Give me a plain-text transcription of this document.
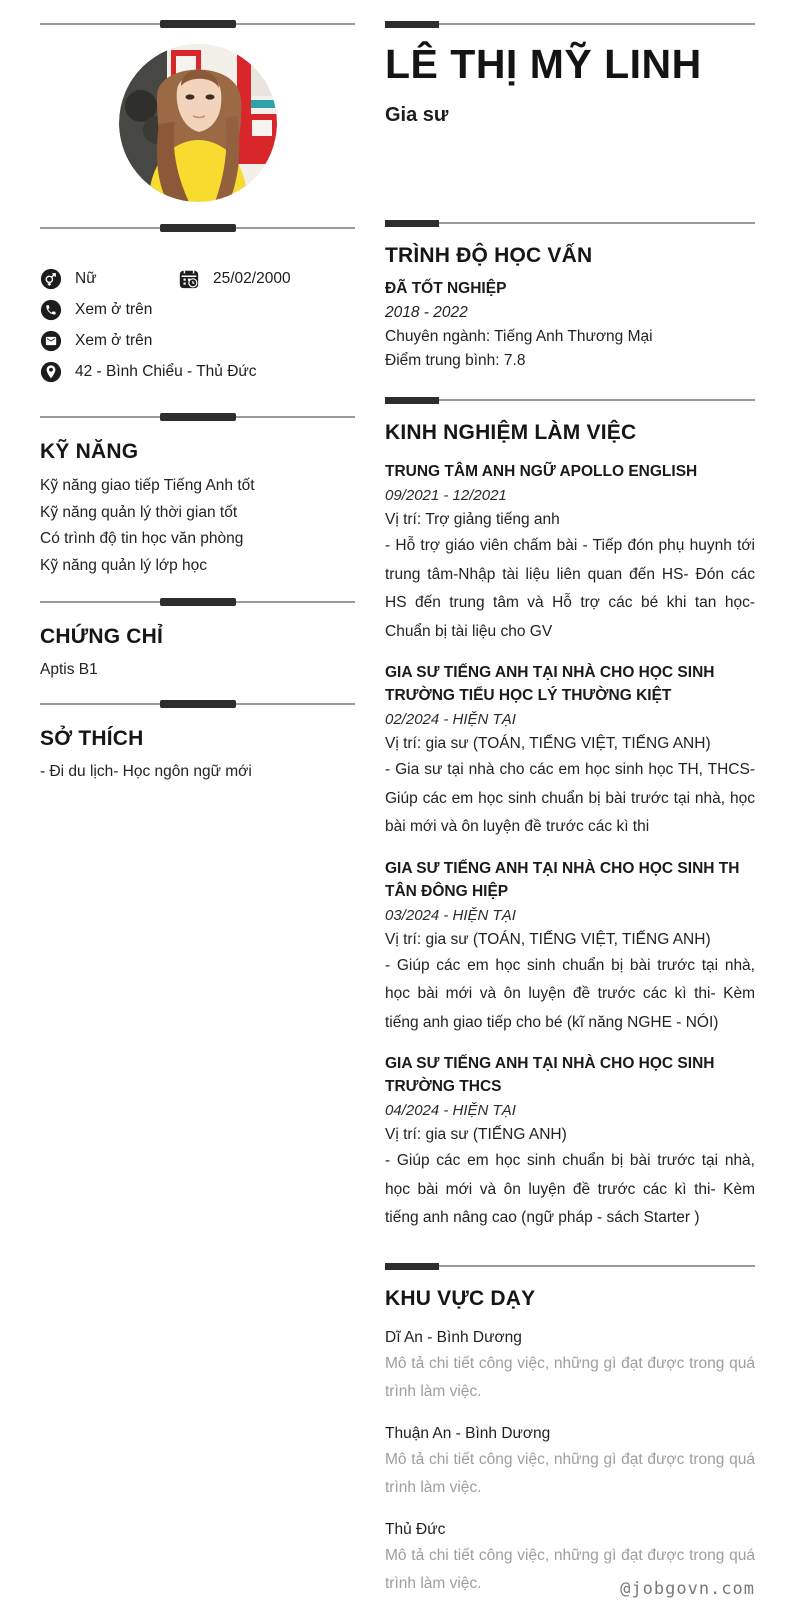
Nữ	25/02/2000
Xem ở trên
Xem ở trên
42 - Bình Chiểu - Thủ Đức
KỸ NĂNG

Kỹ năng giao tiếp Tiếng Anh tốt

Kỹ năng quản lý thời gian tốt

Có trình độ tin học văn phòng

Kỹ năng quản lý lớp học

CHỨNG CHỈ

Aptis B1

SỞ THÍCH

- Đi du lịch- Học ngôn ngữ mới

LÊ THỊ MỸ LINH

Gia sư

TRÌNH ĐỘ HỌC VẤN

ĐÃ TỐT NGHIỆP

2018 - 2022

Chuyên ngành: Tiếng Anh Thương Mại

Điểm trung bình: 7.8

KINH NGHIỆM LÀM VIỆC

TRUNG TÂM ANH NGỮ APOLLO ENGLISH

09/2021 - 12/2021

Vị trí: Trợ giảng tiếng anh

- Hỗ trợ giáo viên chấm bài - Tiếp đón phụ huynh tới trung tâm-Nhập tài liệu liên quan đến HS- Đón các HS đến trung tâm và Hỗ trợ các bé khi tan học- Chuẩn bị tài liệu cho GV

GIA SƯ TIẾNG ANH TẠI NHÀ CHO HỌC SINH TRƯỜNG TIỂU HỌC LÝ THƯỜNG KIỆT

02/2024 - HIỆN TẠI

Vị trí: gia sư (TOÁN, TIẾNG VIỆT, TIẾNG ANH)

- Gia sư tại nhà cho các em học sinh học TH, THCS- Giúp các em học sinh chuẩn bị bài trước tại nhà, học bài mới và ôn luyện đề trước các kì thi

GIA SƯ TIẾNG ANH TẠI NHÀ CHO HỌC SINH TH TÂN ĐÔNG HIỆP

03/2024 - HIỆN TẠI

Vị trí: gia sư (TOÁN, TIẾNG VIỆT, TIẾNG ANH)

- Giúp các em học sinh chuẩn bị bài trước tại nhà, học bài mới và ôn luyện đề trước các kì thi- Kèm tiếng anh giao tiếp cho bé (kĩ năng NGHE - NÓI)

GIA SƯ TIẾNG ANH TẠI NHÀ CHO HỌC SINH TRƯỜNG THCS

04/2024 - HIỆN TẠI

Vị trí: gia sư (TIẾNG ANH)

- Giúp các em học sinh chuẩn bị bài trước tại nhà, học bài mới và ôn luyện đề trước các kì thi- Kèm tiếng anh nâng cao (ngữ pháp - sách Starter )

KHU VỰC DẠY

Dĩ An - Bình Dương

Mô tả chi tiết công việc, những gì đạt được trong quá trình làm việc.

Thuận An - Bình Dương

Mô tả chi tiết công việc, những gì đạt được trong quá trình làm việc.

Thủ Đức

Mô tả chi tiết công việc, những gì đạt được trong quá trình làm việc.	@jobgovn.com
